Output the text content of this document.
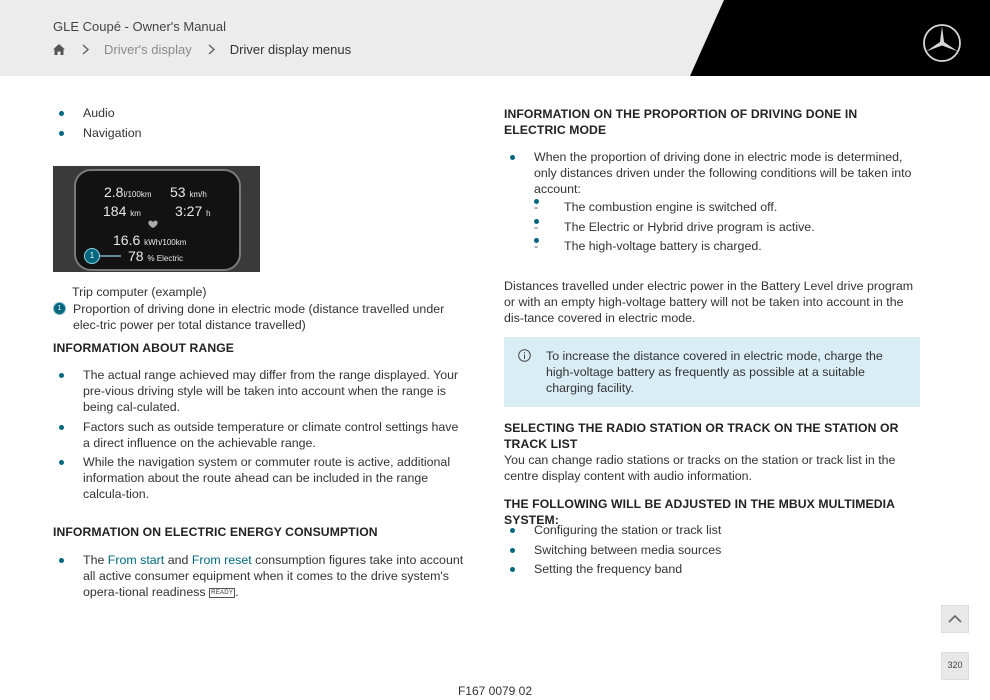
GLE Coupé - Owner's Manual
Driver's display	Driver display menus
Audio
Navigation
2.8l/100km 53 km/h
184 km 3:27 h
16.6 kWh/100km
1	78 % Electric
Trip computer (example)
1 Proportion of driving done in electric mode (distance travelled under elec-tric power per total distance travelled)
INFORMATION ABOUT RANGE
The actual range achieved may differ from the range displayed. Your pre-vious driving style will be taken into account when the range is being cal-culated.
Factors such as outside temperature or climate control settings have a direct influence on the achievable range.
While the navigation system or commuter route is active, additional information about the route ahead can be included in the range calcula-tion.
INFORMATION ON ELECTRIC ENERGY CONSUMPTION
The From start and From reset consumption figures take into account all active consumer equipment when it comes to the drive system's opera-tional readiness READY .
INFORMATION ON THE PROPORTION OF DRIVING DONE IN ELECTRIC MODE
When the proportion of driving done in electric mode is determined, only distances driven under the following conditions will be taken into account:
- The combustion engine is switched off.
- The Electric or Hybrid drive program is active.
- The high-voltage battery is charged.
Distances travelled under electric power in the Battery Level drive program or with an empty high-voltage battery will not be taken into account in the dis-tance covered in electric mode.
To increase the distance covered in electric mode, charge the high-voltage battery as frequently as possible at a suitable charging facility.
SELECTING THE RADIO STATION OR TRACK ON THE STATION OR TRACK LIST
You can change radio stations or tracks on the station or track list in the centre display content with audio information.
THE FOLLOWING WILL BE ADJUSTED IN THE MBUX MULTIMEDIA SYSTEM:
Configuring the station or track list
Switching between media sources
Setting the frequency band
320
F167 0079 02
